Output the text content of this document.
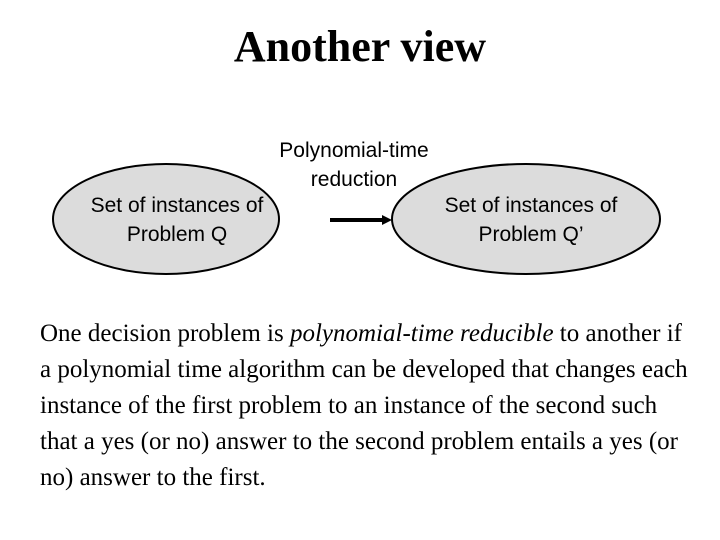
Another view
Polynomial-time
reduction
Set of instances of
Problem Q
Set of instances of
Problem Q’
One decision problem is polynomial-time reducible to another if a polynomial time algorithm can be developed that changes each instance of the first problem to an instance of the second such that a yes (or no) answer to the second problem entails a yes (or no) answer to the first.
